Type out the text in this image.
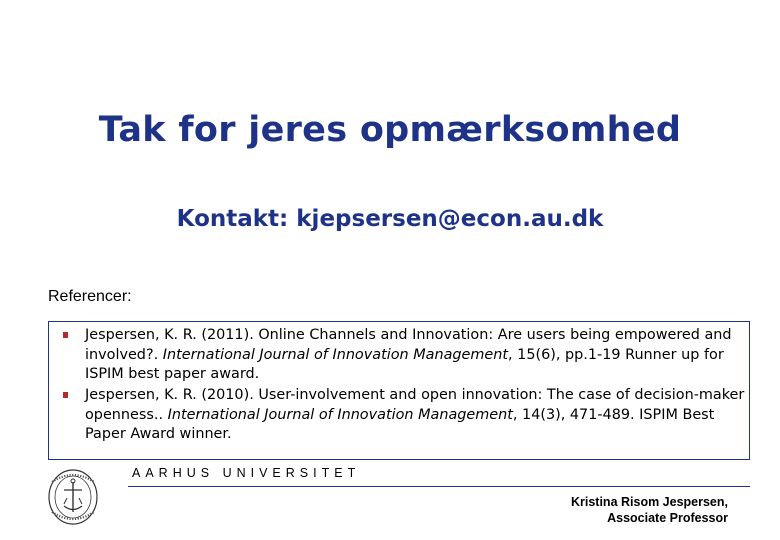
Tak for jeres opmærksomhed
Kontakt: kjepsersen@econ.au.dk
Referencer:
Jespersen, K. R. (2011). Online Channels and Innovation: Are users being empowered and involved?. International Journal of Innovation Management, 15(6), pp.1-19 Runner up for ISPIM best paper award.
Jespersen, K. R. (2010). User-involvement and open innovation: The case of decision-maker openness.. International Journal of Innovation Management, 14(3), 471-489. ISPIM Best Paper Award winner.
AARHUS UNIVERSITET
Kristina Risom Jespersen,
Associate Professor
